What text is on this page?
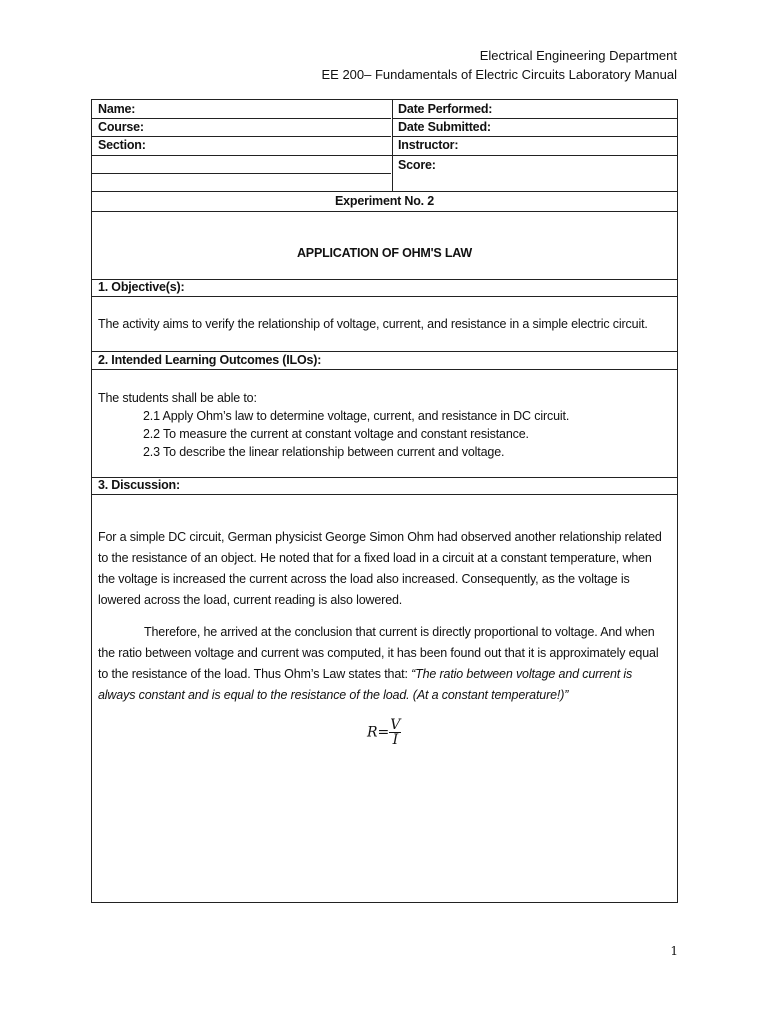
Electrical Engineering Department
EE 200– Fundamentals of Electric Circuits Laboratory Manual
Name:
Course:
Section:
Date Performed:
Date Submitted:
Instructor:
Score:
Experiment No. 2
APPLICATION OF OHM'S LAW
1. Objective(s):
The activity aims to verify the relationship of voltage, current, and resistance in a simple electric circuit.
2. Intended Learning Outcomes (ILOs):
The students shall be able to:
2.1 Apply Ohm’s law to determine voltage, current, and resistance in DC circuit.
2.2 To measure the current at constant voltage and constant resistance.
2.3 To describe the linear relationship between current and voltage.
3. Discussion:
For a simple DC circuit, German physicist George Simon Ohm had observed another relationship related
to the resistance of an object. He noted that for a fixed load in a circuit at a constant temperature, when
the voltage is increased the current across the load also increased. Consequently, as the voltage is
lowered across the load, current reading is also lowered.
Therefore, he arrived at the conclusion that current is directly proportional to voltage. And when
the ratio between voltage and current was computed, it has been found out that it is approximately equal
to the resistance of the load. Thus Ohm’s Law states that: “The ratio between voltage and current is
always constant and is equal to the resistance of the load. (At a constant temperature!)”
$R= \frac{V}{I}$
1
